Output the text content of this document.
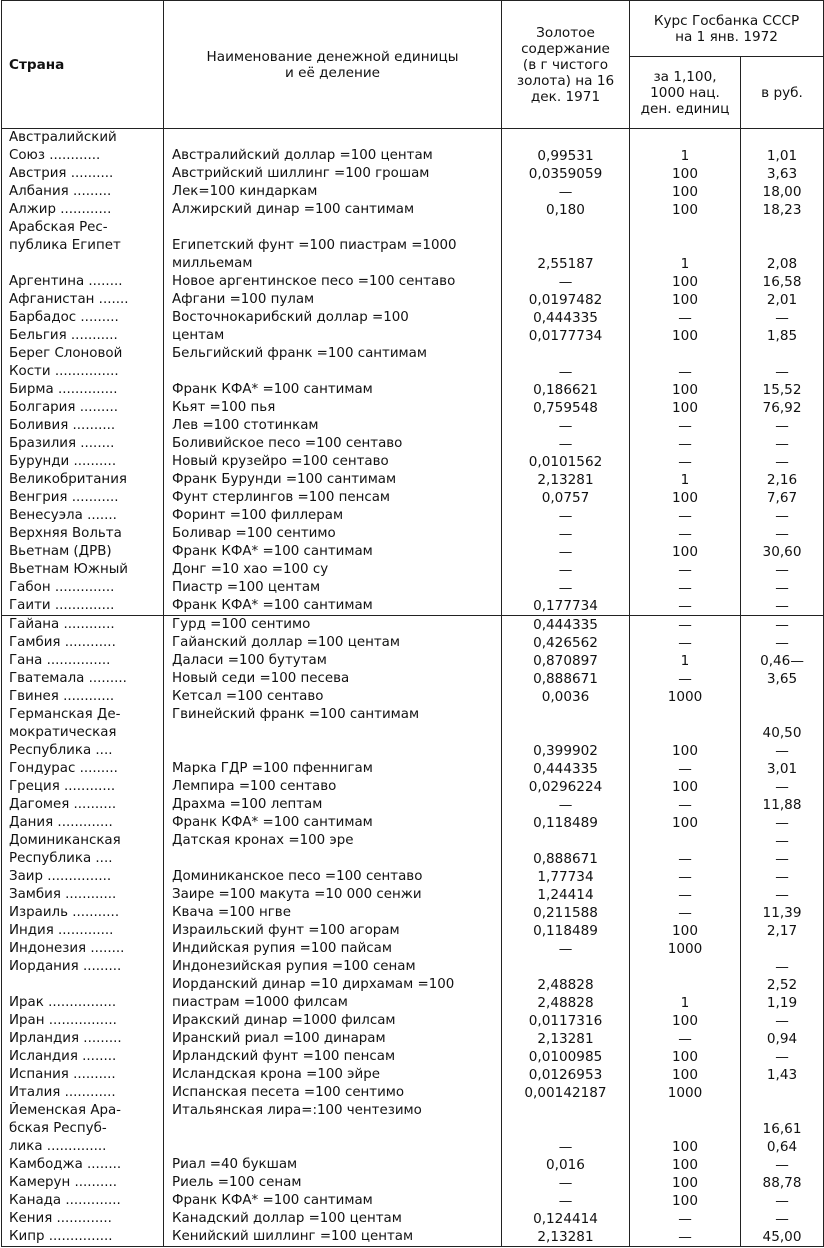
Страна	Наименование денежной единицы и её деление	Золотое содержание (в г чистого золота) на 16 дек. 1971	Курс Госбанка СССР на 1 янв. 1972	
			за 1,100, 1000 нац. ден. единиц	в руб.
Австралийский				
Союз ............	Австралийский доллар =100 центам	0,99531	1	1,01
Австрия ..........	Австрийский шиллинг =100 грошам	0,0359059	100	3,63
Албания .........	Лек=100 киндаркам	—	100	18,00
Алжир ............	Алжирский динар =100 сантимам	0,180	100	18,23
Арабская Рес-				
публика Египет	Египетский фунт =100 пиастрам =1000			
	милльемам	2,55187	1	2,08
Аргентина ........	Новое аргентинское песо =100 сентаво	—	100	16,58
Афганистан .......	Афгани =100 пулам	0,0197482	100	2,01
Барбадос .........	Восточнокарибский доллар =100	0,444335	—	—
Бельгия ...........	центам	0,0177734	100	1,85
Берег Слоновой	Бельгийский франк =100 сантимам			
Кости ...............		—	—	—
Бирма ..............	Франк КФА* =100 сантимам	0,186621	100	15,52
Болгария .........	Кьят =100 пья	0,759548	100	76,92
Боливия ..........	Лев =100 стотинкам	—	—	—
Бразилия ........	Боливийское песо =100 сентаво	—	—	—
Бурунди ..........	Новый крузейро =100 сентаво	0,0101562	—	—
Великобритания	Франк Бурунди =100 сантимам	2,13281	1	2,16
Венгрия ...........	Фунт стерлингов =100 пенсам	0,0757	100	7,67
Венесуэла .......	Форинт =100 филлерам	—	—	—
Верхняя Вольта	Боливар =100 сентимо	—	—	—
Вьетнам (ДРВ)	Франк КФА* =100 сантимам	—	100	30,60
Вьетнам Южный	Донг =10 хао =100 су	—	—	—
Габон ..............	Пиастр =100 центам	—	—	—
Гаити ..............	Франк КФА* =100 сантимам	0,177734	—	—
Гайана ............	Гурд =100 сентимо	0,444335	—	—
Гамбия ............	Гайанский доллар =100 центам	0,426562	—	—
Гана ...............	Даласи =100 бутутам	0,870897	1	0,46—
Гватемала .........	Новый седи =100 песева	0,888671	—	3,65
Гвинея ............	Кетсал =100 сентаво	0,0036	1000	
Германская Де-	Гвинейский франк =100 сантимам			
мократическая				40,50
Республика ....		0,399902	100	—
Гондурас .........	Марка ГДР =100 пфеннигам	0,444335	—	3,01
Греция ............	Лемпира =100 сентаво	0,0296224	100	—
Дагомея ..........	Драхма =100 лептам	—	—	11,88
Дания .............	Франк КФА* =100 сантимам	0,118489	100	—
Доминиканская	Датская кронах =100 эре			—
Республика ....		0,888671	—	—
Заир ...............	Доминиканское песо =100 сентаво	1,77734	—	—
Замбия ............	Заире =100 макута =10 000 сенжи	1,24414	—	—
Израиль ...........	Квача =100 нгве	0,211588	—	11,39
Индия .............	Израильский фунт =100 агорам	0,118489	100	2,17
Индонезия ........	Индийская рупия =100 пайсам	—	1000	
Иордания .........	Индонезийская рупия =100 сенам			—
	Иорданский динар =10 дирхамам =100	2,48828		2,52
Ирак ................	пиастрам =1000 филсам	2,48828	1	1,19
Иран ................	Иракский динар =1000 филсам	0,0117316	100	—
Ирландия .........	Иранский риал =100 динарам	2,13281	—	0,94
Исландия ........	Ирландский фунт =100 пенсам	0,0100985	100	—
Испания ..........	Исландская крона =100 эйре	0,0126953	100	1,43
Италия ............	Испанская песета =100 сентимо	0,00142187	1000	
Йеменская Ара-	Итальянская лира=:100 чентезимо			
бская Респуб-				16,61
лика ..............		—	100	0,64
Камбоджа ........	Риал =40 букшам	0,016	100	—
Камерун ..........	Риель =100 сенам	—	100	88,78
Канада .............	Франк КФА* =100 сантимам	—	100	—
Кения .............	Канадский доллар =100 центам	0,124414	—	—
Кипр ...............	Кенийский шиллинг =100 центам	2,13281	—	45,00
